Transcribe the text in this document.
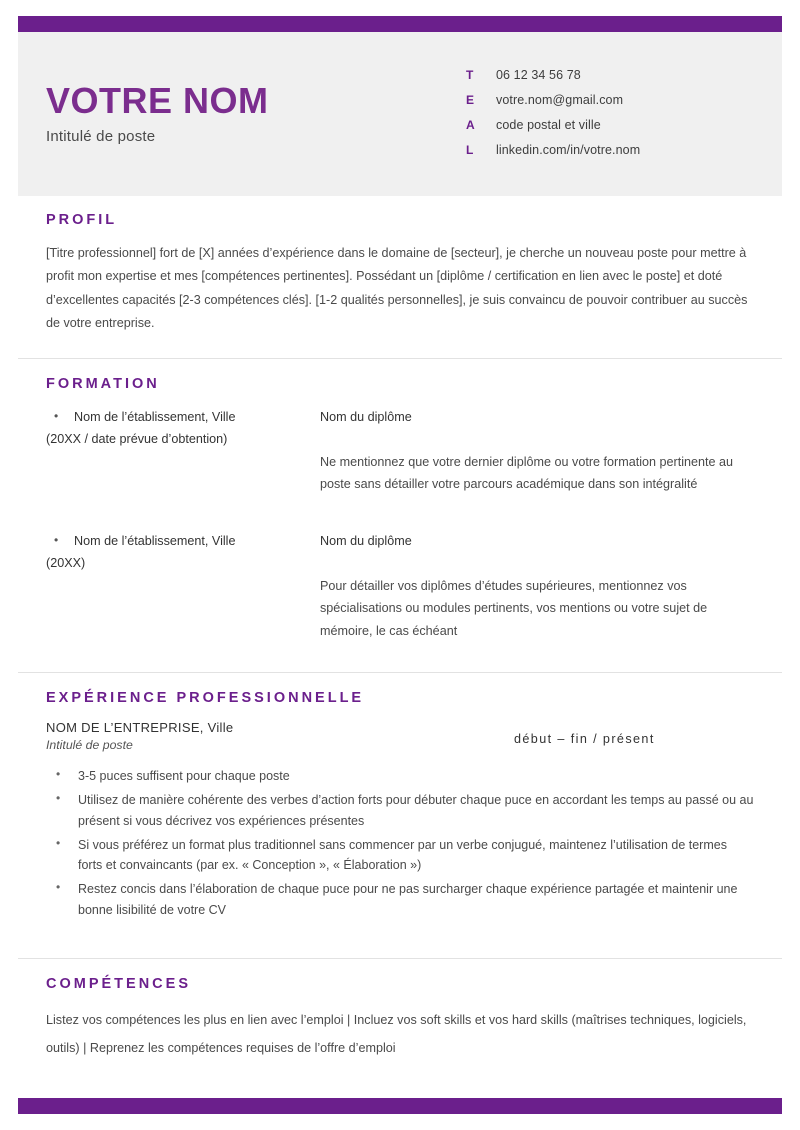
VOTRE NOM
Intitulé de poste
T	06 12 34 56 78
E	votre.nom@gmail.com
A	code postal et ville
L	linkedin.com/in/votre.nom
PROFIL

[Titre professionnel] fort de [X] années d’expérience dans le domaine de [secteur], je cherche un nouveau poste pour mettre à profit mon expertise et mes [compétences pertinentes]. Possédant un [diplôme / certification en lien avec le poste] et doté d’excellentes capacités [2-3 compétences clés]. [1-2 qualités personnelles], je suis convaincu de pouvoir contribuer au succès de votre entreprise.

FORMATION
• Nom de l’établissement, Ville
(20XX / date prévue d’obtention)

Nom du diplôme

Ne mentionnez que votre dernier diplôme ou votre formation pertinente au poste sans détailler votre parcours académique dans son intégralité

• Nom de l’établissement, Ville
(20XX)

Nom du diplôme

Pour détailler vos diplômes d’études supérieures, mentionnez vos spécialisations ou modules pertinents, vos mentions ou votre sujet de mémoire, le cas échéant

EXPÉRIENCE PROFESSIONNELLE

NOM DE L’ENTREPRISE, Ville

Intitulé de poste	début – fin / présent
• 3-5 puces suffisent pour chaque poste
• Utilisez de manière cohérente des verbes d’action forts pour débuter chaque puce en accordant les temps au passé ou au présent si vous décrivez vos expériences présentes
• Si vous préférez un format plus traditionnel sans commencer par un verbe conjugué, maintenez l’utilisation de termes forts et convaincants (par ex. « Conception », « Élaboration »)
• Restez concis dans l’élaboration de chaque puce pour ne pas surcharger chaque expérience partagée et maintenir une bonne lisibilité de votre CV
COMPÉTENCES

Listez vos compétences les plus en lien avec l’emploi | Incluez vos soft skills et vos hard skills (maîtrises techniques, logiciels, outils) | Reprenez les compétences requises de l’offre d’emploi
